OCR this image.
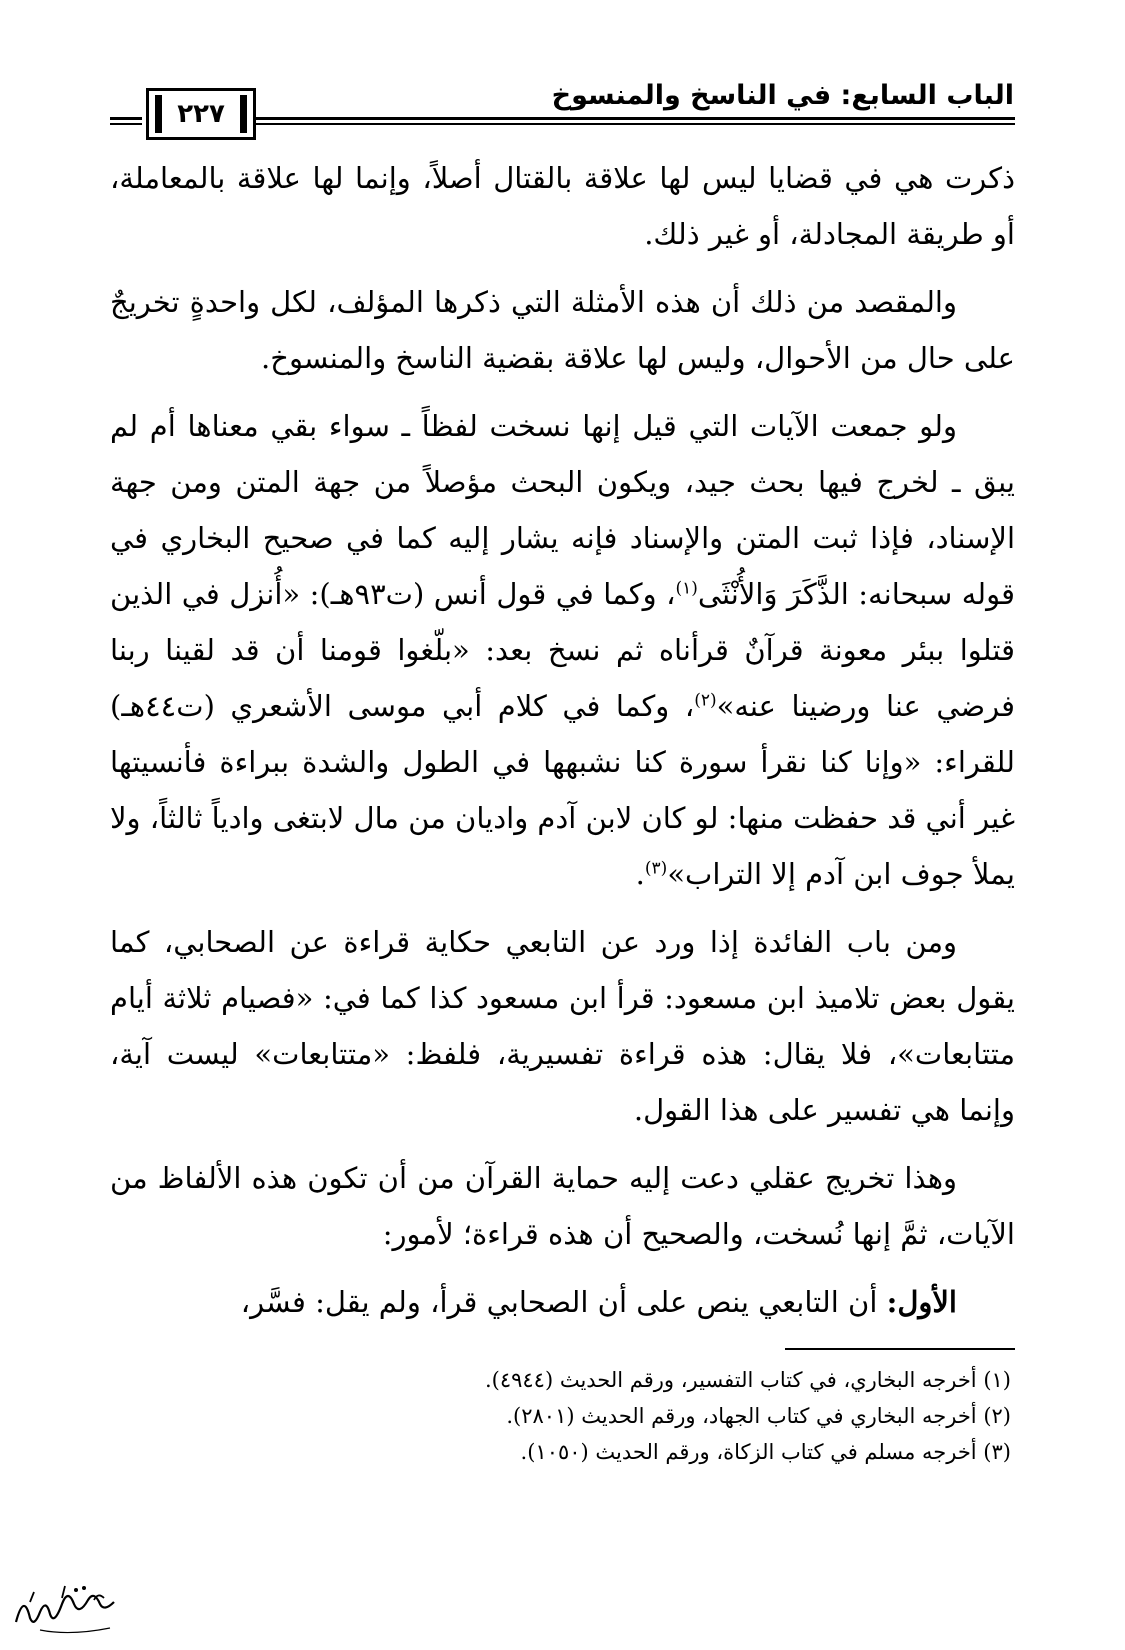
الباب السابع: في الناسخ والمنسوخ
٢٢٧

ذكرت هي في قضايا ليس لها علاقة بالقتال أصلاً، وإنما لها علاقة بالمعاملة، أو طريقة المجادلة، أو غير ذلك.

والمقصد من ذلك أن هذه الأمثلة التي ذكرها المؤلف، لكل واحدةٍ تخريجٌ على حال من الأحوال، وليس لها علاقة بقضية الناسخ والمنسوخ.

ولو جمعت الآيات التي قيل إنها نسخت لفظاً ـ سواء بقي معناها أم لم يبق ـ لخرج فيها بحث جيد، ويكون البحث مؤصلاً من جهة المتن ومن جهة الإسناد، فإذا ثبت المتن والإسناد فإنه يشار إليه كما في صحيح البخاري في قوله سبحانه: الذَّكَرَ وَالأُنْثَى$^{(١)}$، وكما في قول أنس (ت٩٣هـ): «أُنزل في الذين قتلوا ببئر معونة قرآنٌ قرأناه ثم نسخ بعد: «بلّغوا قومنا أن قد لقينا ربنا فرضي عنا ورضينا عنه»$^{(٢)}$، وكما في كلام أبي موسى الأشعري (ت٤٤هـ) للقراء: «وإنا كنا نقرأ سورة كنا نشبهها في الطول والشدة ببراءة فأنسيتها غير أني قد حفظت منها: لو كان لابن آدم واديان من مال لابتغى وادياً ثالثاً، ولا يملأ جوف ابن آدم إلا التراب»$^{(٣)}$.

ومن باب الفائدة إذا ورد عن التابعي حكاية قراءة عن الصحابي، كما يقول بعض تلاميذ ابن مسعود: قرأ ابن مسعود كذا كما في: «فصيام ثلاثة أيام متتابعات»، فلا يقال: هذه قراءة تفسيرية، فلفظ: «متتابعات» ليست آية، وإنما هي تفسير على هذا القول.

وهذا تخريج عقلي دعت إليه حماية القرآن من أن تكون هذه الألفاظ من الآيات، ثمَّ إنها نُسخت، والصحيح أن هذه قراءة؛ لأمور:

الأول: أن التابعي ينص على أن الصحابي قرأ، ولم يقل: فسَّر،

(١) أخرجه البخاري، في كتاب التفسير، ورقم الحديث (٤٩٤٤).

(٢) أخرجه البخاري في كتاب الجهاد، ورقم الحديث (٢٨٠١).

(٣) أخرجه مسلم في كتاب الزكاة، ورقم الحديث (١٠٥٠).
